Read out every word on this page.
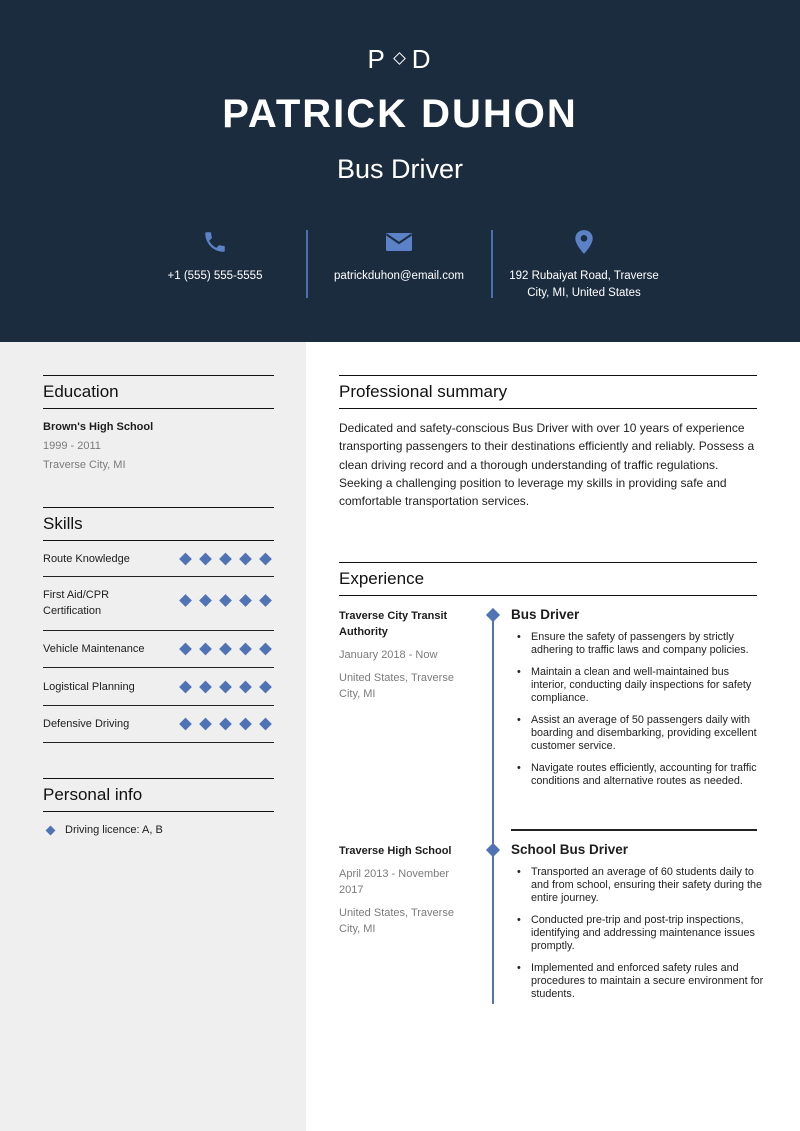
P D
PATRICK DUHON
Bus Driver
+1 (555) 555-5555	patrickduhon@email.com	192 Rubaiyat Road, Traverse
City, MI, United States
Education
Brown's High School
1999 - 2011
Traverse City, MI
Skills
Route Knowledge
First Aid/CPR Certification
Vehicle Maintenance
Logistical Planning
Defensive Driving
Personal info
Driving licence: A, B
Professional summary

Dedicated and safety-conscious Bus Driver with over 10 years of experience transporting passengers to their destinations efficiently and reliably. Possess a clean driving record and a thorough understanding of traffic regulations. Seeking a challenging position to leverage my skills in providing safe and comfortable transportation services.

Experience
Traverse City Transit Authority
January 2018 - Now
United States, Traverse City, MI
Bus Driver
• Ensure the safety of passengers by strictly adhering to traffic laws and company policies.
• Maintain a clean and well-maintained bus interior, conducting daily inspections for safety compliance.
• Assist an average of 50 passengers daily with boarding and disembarking, providing excellent customer service.
• Navigate routes efficiently, accounting for traffic conditions and alternative routes as needed.
Traverse High School
April 2013 - November 2017
United States, Traverse City, MI
School Bus Driver
• Transported an average of 60 students daily to and from school, ensuring their safety during the entire journey.
• Conducted pre-trip and post-trip inspections, identifying and addressing maintenance issues promptly.
• Implemented and enforced safety rules and procedures to maintain a secure environment for students.
